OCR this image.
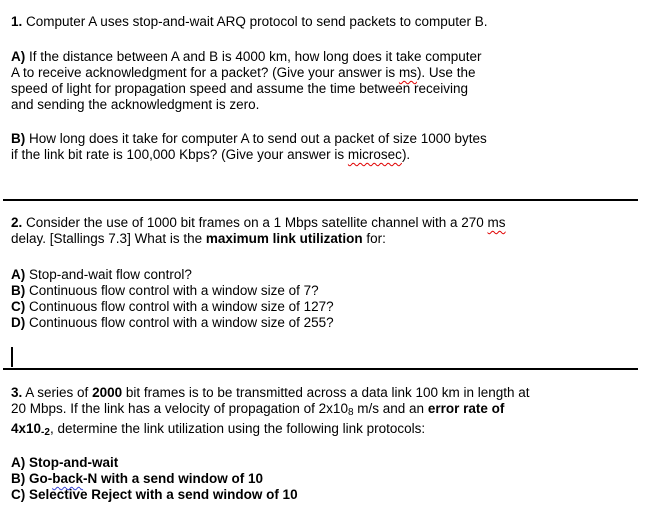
1. Computer A uses stop-and-wait ARQ protocol to send packets to computer B.
A) If the distance between A and B is 4000 km, how long does it take computer
A to receive acknowledgment for a packet? (Give your answer is ms). Use the
speed of light for propagation speed and assume the time between receiving
and sending the acknowledgment is zero.
B) How long does it take for computer A to send out a packet of size 1000 bytes
if the link bit rate is 100,000 Kbps? (Give your answer is microsec).
2. Consider the use of 1000 bit frames on a 1 Mbps satellite channel with a 270 ms
delay. [Stallings 7.3] What is the maximum link utilization for:
A) Stop-and-wait flow control?
B) Continuous flow control with a window size of 7?
C) Continuous flow control with a window size of 127?
D) Continuous flow control with a window size of 255?
3. A series of 2000 bit frames is to be transmitted across a data link 100 km in length at
20 Mbps. If the link has a velocity of propagation of $2x10_8$ m/s and an error rate of
$4x10_{-2}$, determine the link utilization using the following link protocols:
A) Stop-and-wait
B) Go-back-N with a send window of 10
C) Selective Reject with a send window of 10
